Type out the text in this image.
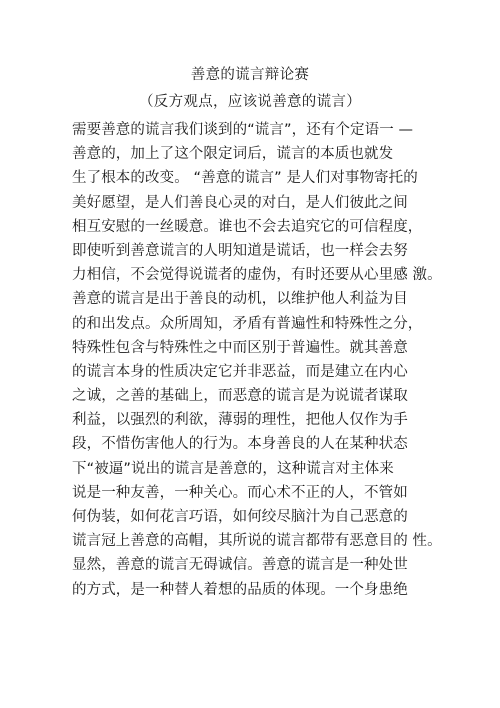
善意的谎言辩论赛
（反方观点，应该说善意的谎言）
需要善意的谎言我们谈到的“谎言”，还有个定语一 —
善意的，加上了这个限定词后，谎言的本质也就发
生了根本的改变。 “善意的谎言” 是人们对事物寄托的
美好愿望，是人们善良心灵的对白，是人们彼此之间
相互安慰的一丝暖意。谁也不会去追究它的可信程度，
即使听到善意谎言的人明知道是谎话，也一样会去努
力相信，不会觉得说谎者的虚伪，有时还要从心里感 激。
善意的谎言是出于善良的动机，以维护他人利益为目
的和出发点。众所周知，矛盾有普遍性和特殊性之分，
特殊性包含与特殊性之中而区别于普遍性。就其善意
的谎言本身的性质决定它并非恶益，而是建立在内心
之诚，之善的基础上，而恶意的谎言是为说谎者谋取
利益，以强烈的利欲，薄弱的理性，把他人仅作为手
段，不惜伤害他人的行为。本身善良的人在某种状态
下“被逼”说出的谎言是善意的，这种谎言对主体来
说是一种友善，一种关心。而心术不正的人，不管如
何伪装，如何花言巧语，如何绞尽脑汁为自己恶意的
谎言冠上善意的高帽，其所说的谎言都带有恶意目的 性。
显然，善意的谎言无碍诚信。善意的谎言是一种处世
的方式，是一种替人着想的品质的体现。一个身患绝
